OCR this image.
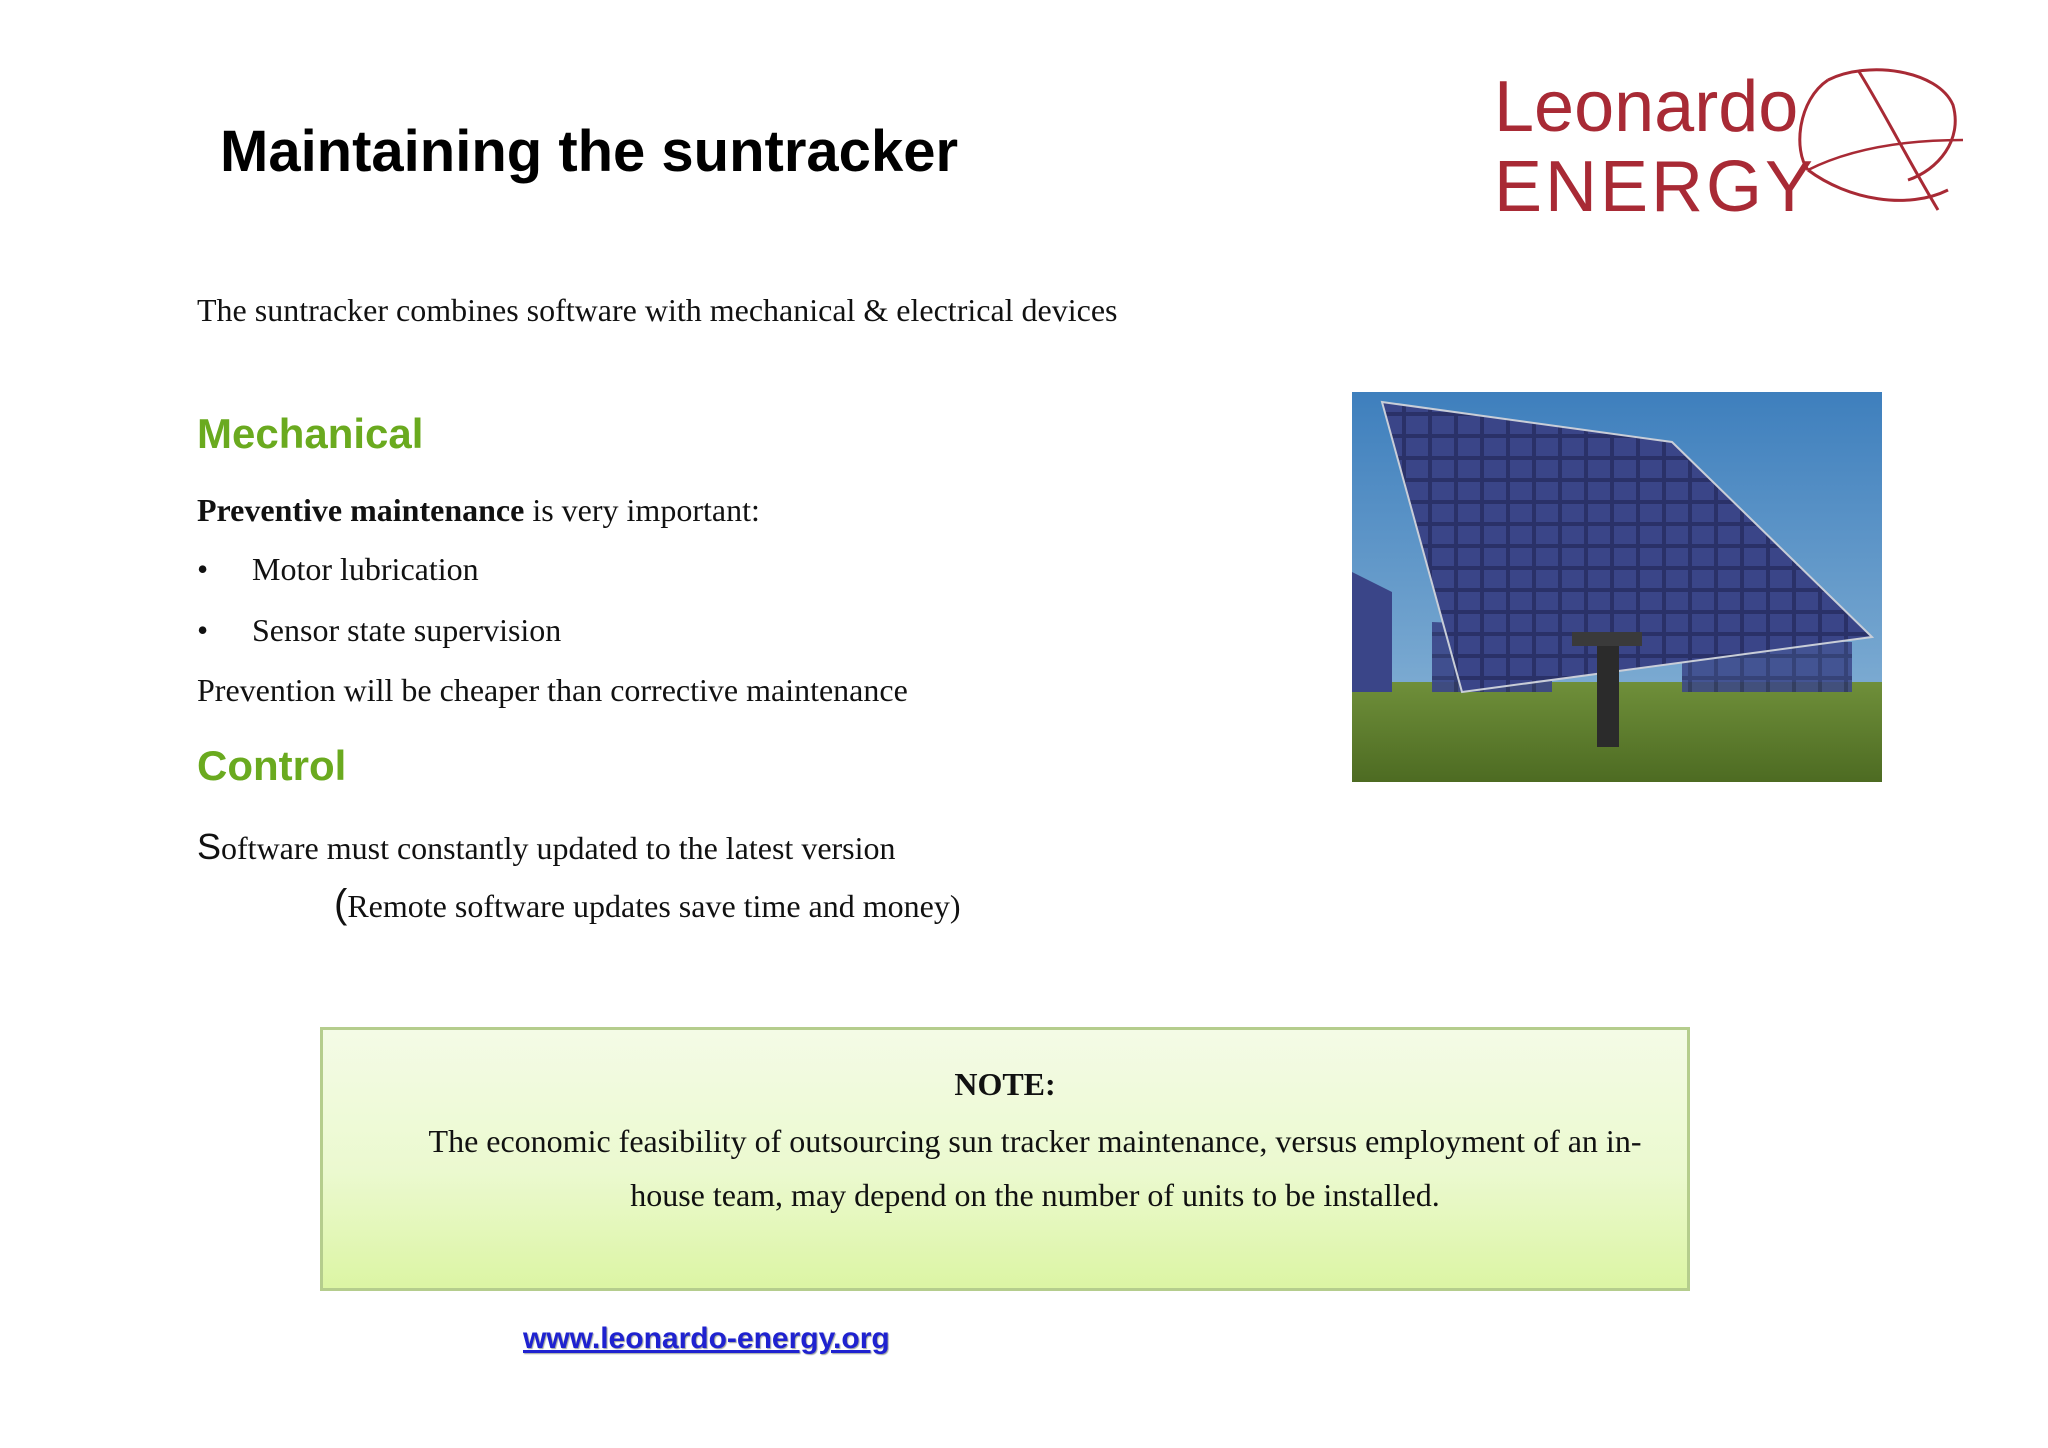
Maintaining the suntracker
Leonardo
ENERGY
The suntracker combines software with mechanical & electrical devices
Mechanical
Preventive maintenance is very important:
• Motor lubrication
• Sensor state supervision
Prevention will be cheaper than corrective maintenance
Control
Software must constantly updated to the latest version
(Remote software updates save time and money)
NOTE:
The economic feasibility of outsourcing sun tracker maintenance, versus employment of an in-house team, may depend on the number of units to be installed.
www.leonardo-energy.org
